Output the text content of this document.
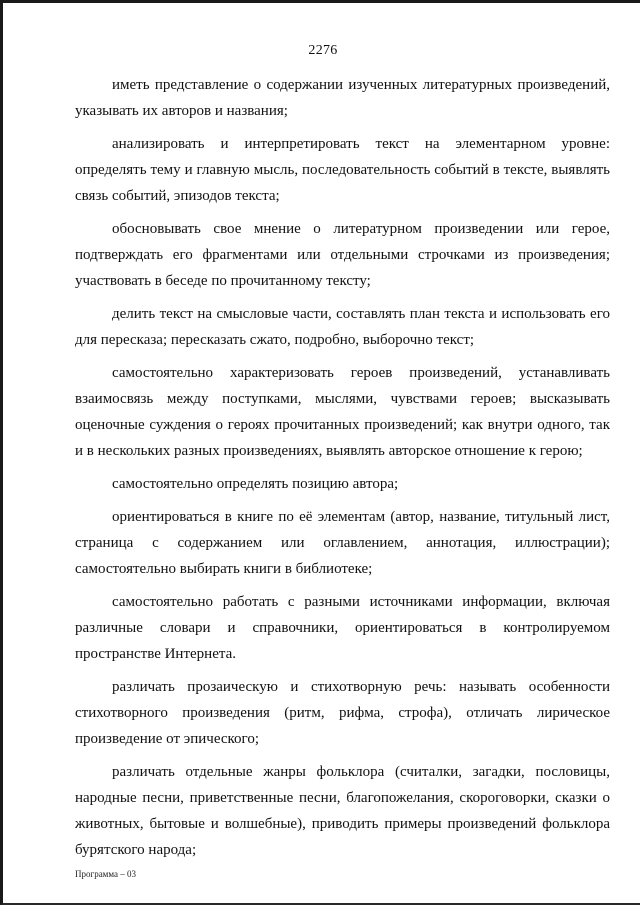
2276

иметь представление о содержании изученных литературных произведений, указывать их авторов и названия;

анализировать и интерпретировать текст на элементарном уровне: определять тему и главную мысль, последовательность событий в тексте, выявлять связь событий, эпизодов текста;

обосновывать свое мнение о литературном произведении или герое, подтверждать его фрагментами или отдельными строчками из произведения; участвовать в беседе по прочитанному тексту;

делить текст на смысловые части, составлять план текста и использовать его для пересказа; пересказать сжато, подробно, выборочно текст;

самостоятельно характеризовать героев произведений, устанавливать взаимосвязь между поступками, мыслями, чувствами героев; высказывать оценочные суждения о героях прочитанных произведений; как внутри одного, так и в нескольких разных произведениях, выявлять авторское отношение к герою;

самостоятельно определять позицию автора;

ориентироваться в книге по её элементам (автор, название, титульный лист, страница с содержанием или оглавлением, аннотация, иллюстрации); самостоятельно выбирать книги в библиотеке;

самостоятельно работать с разными источниками информации, включая различные словари и справочники, ориентироваться в контролируемом пространстве Интернета.

различать прозаическую и стихотворную речь: называть особенности стихотворного произведения (ритм, рифма, строфа), отличать лирическое произведение от эпического;

различать отдельные жанры фольклора (считалки, загадки, пословицы, народные песни, приветственные песни, благопожелания, скороговорки, сказки о животных, бытовые и волшебные), приводить примеры произведений фольклора бурятского народа;

Программа – 03
